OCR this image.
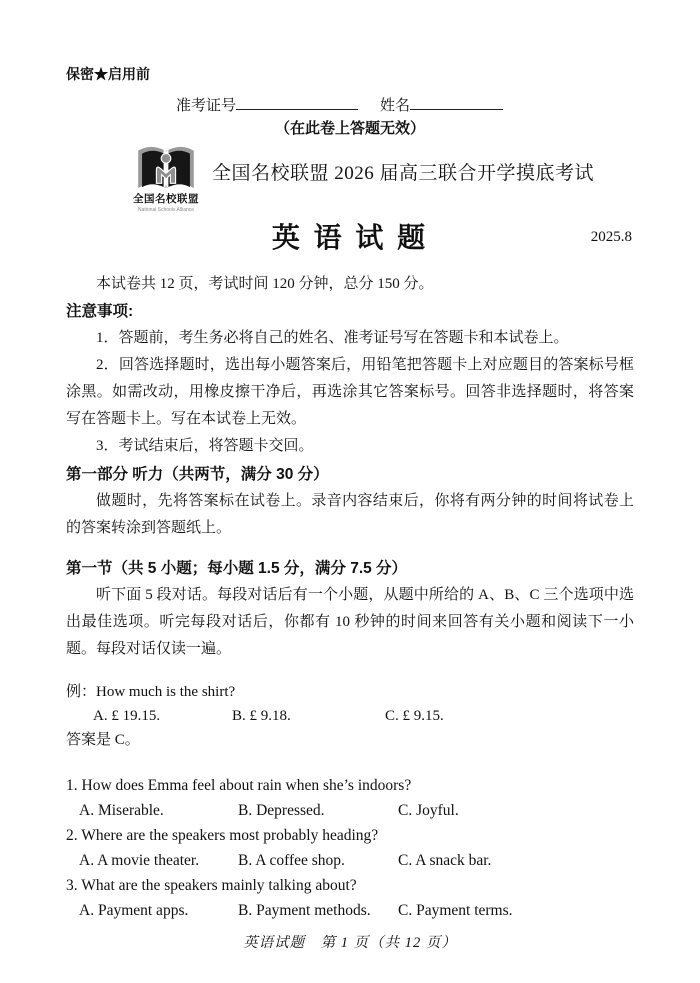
保密★启用前
准考证号	姓名
（在此卷上答题无效）
全国名校联盟
National Schools Alliance
全国名校联盟 2026 届高三联合开学摸底考试
英 语 试 题	2025.8
本试卷共 12 页，考试时间 120 分钟，总分 150 分。
注意事项:
1．答题前，考生务必将自己的姓名、准考证号写在答题卡和本试卷上。
2．回答选择题时，选出每小题答案后，用铅笔把答题卡上对应题目的答案标号框涂黑。如需改动，用橡皮擦干净后，再选涂其它答案标号。回答非选择题时，将答案写在答题卡上。写在本试卷上无效。
3．考试结束后，将答题卡交回。
第一部分 听力（共两节，满分 30 分）
做题时，先将答案标在试卷上。录音内容结束后，你将有两分钟的时间将试卷上的答案转涂到答题纸上。
第一节（共 5 小题；每小题 1.5 分，满分 7.5 分）
听下面 5 段对话。每段对话后有一个小题，从题中所给的 A、B、C 三个选项中选出最佳选项。听完每段对话后，你都有 10 秒钟的时间来回答有关小题和阅读下一小题。每段对话仅读一遍。
例：How much is the shirt?
A. £ 19.15.	B. £ 9.18.	C. £ 9.15.
答案是 C。
1. How does Emma feel about rain when she’s indoors?
A. Miserable.	B. Depressed.	C. Joyful.
2. Where are the speakers most probably heading?
A. A movie theater.	B. A coffee shop.	C. A snack bar.
3. What are the speakers mainly talking about?
A. Payment apps.	B. Payment methods. C. Payment terms.
英语试题　第 1 页（共 12 页）
